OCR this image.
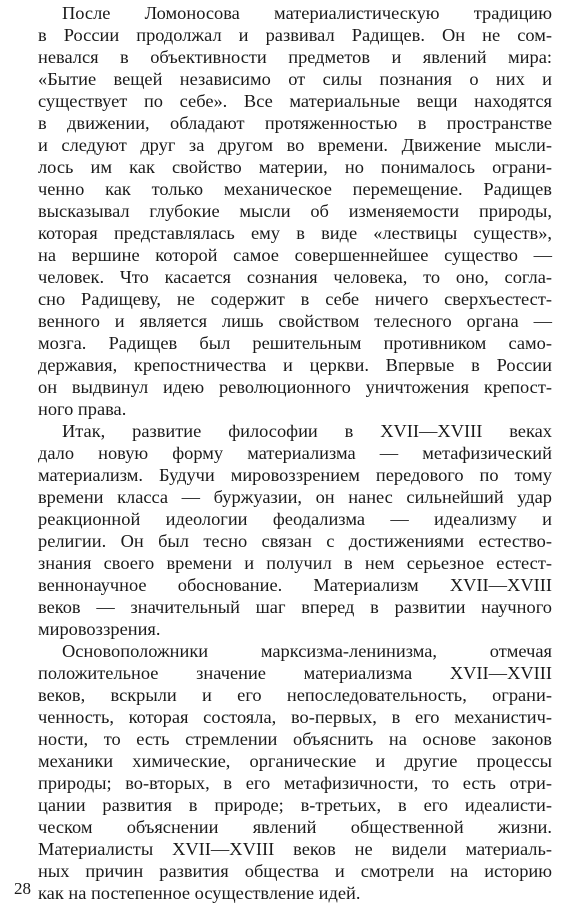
После Ломоносова материалистическую традицию
в России продолжал и развивал Радищев. Он не сом-
невался в объективности предметов и явлений мира:
«Бытие вещей независимо от силы познания о них и
существует по себе». Все материальные вещи находятся
в движении, обладают протяженностью в пространстве
и следуют друг за другом во времени. Движение мысли-
лось им как свойство материи, но понималось ограни-
ченно как только механическое перемещение. Радищев
высказывал глубокие мысли об изменяемости природы,
которая представлялась ему в виде «лествицы существ»,
на вершине которой самое совершеннейшее существо —
человек. Что касается сознания человека, то оно, согла-
сно Радищеву, не содержит в себе ничего сверхъестест-
венного и является лишь свойством телесного органа —
мозга. Радищев был решительным противником само-
державия, крепостничества и церкви. Впервые в России
он выдвинул идею революционного уничтожения крепост-
ного права.

Итак, развитие философии в XVII—XVIII веках
дало новую форму материализма — метафизический
материализм. Будучи мировоззрением передового по тому
времени класса — буржуазии, он нанес сильнейший удар
реакционной идеологии феодализма — идеализму и
религии. Он был тесно связан с достижениями естество-
знания своего времени и получил в нем серьезное естест-
веннонаучное обоснование. Материализм XVII—XVIII
веков — значительный шаг вперед в развитии научного
мировоззрения.

Основоположники марксизма-ленинизма, отмечая
положительное значение материализма XVII—XVIII
веков, вскрыли и его непоследовательность, ограни-
ченность, которая состояла, во-первых, в его механистич-
ности, то есть стремлении объяснить на основе законов
механики химические, органические и другие процессы
природы; во-вторых, в его метафизичности, то есть отри-
цании развития в природе; в-третьих, в его идеалисти-
ческом объяснении явлений общественной жизни.
Материалисты XVII—XVIII веков не видели материаль-
ных причин развития общества и смотрели на историю
как на постепенное осуществление идей.

28
